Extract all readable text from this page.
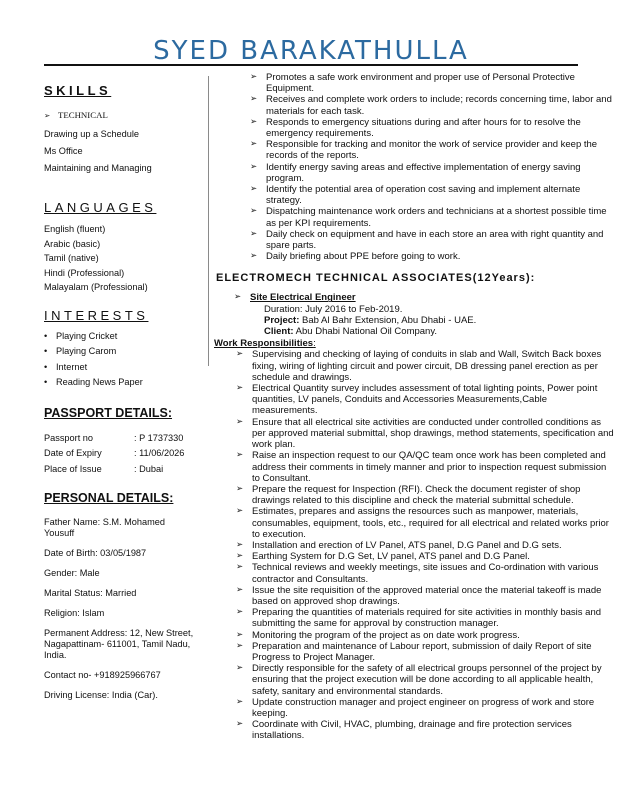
SYED BARAKATHULLA
SKILLS
➢ TECHNICAL
Drawing up a Schedule
Ms Office
Maintaining and Managing
LANGUAGES
English (fluent)
Arabic (basic)
Tamil (native)
Hindi (Professional)
Malayalam (Professional)
INTERESTS
• Playing Cricket
• Playing Carom
• Internet
• Reading News Paper
PASSPORT DETAILS:
Passport no	: P 1737330
Date of Expiry	: 11/06/2026
Place of Issue	: Dubai
PERSONAL DETAILS:
Father Name: S.M. Mohamed Yousuff
Date of Birth: 03/05/1987
Gender: Male
Marital Status: Married
Religion: Islam
Permanent Address: 12, New Street, Nagapattinam- 611001, Tamil Nadu, India.
Contact no- +918925966767
Driving License: India (Car).
➢ Promotes a safe work environment and proper use of Personal Protective Equipment.
➢ Receives and complete work orders to include; records concerning time, labor and materials for each task.
➢ Responds to emergency situations during and after hours for to resolve the emergency requirements.
➢ Responsible for tracking and monitor the work of service provider and keep the records of the reports.
➢ Identify energy saving areas and effective implementation of energy saving program.
➢ Identify the potential area of operation cost saving and implement alternate strategy.
➢ Dispatching maintenance work orders and technicians at a shortest possible time as per KPI requirements.
➢ Daily check on equipment and have in each store an area with right quantity and spare parts.
➢ Daily briefing about PPE before going to work.
ELECTROMECH TECHNICAL ASSOCIATES(12Years):
➢ Site Electrical Engineer
Duration: July 2016 to Feb-2019.
Project: Bab Al Bahr Extension, Abu Dhabi - UAE.
Client: Abu Dhabi National Oil Company.
Work Responsibilities:
➢ Supervising and checking of laying of conduits in slab and Wall, Switch Back boxes fixing, wiring of lighting circuit and power circuit, DB dressing panel erection as per schedule and drawings.
➢ Electrical Quantity survey includes assessment of total lighting points, Power point quantities, LV panels, Conduits and Accessories Measurements,Cable measurements.
➢ Ensure that all electrical site activities are conducted under controlled conditions as per approved material submittal, shop drawings, method statements, specification and work plan.
➢ Raise an inspection request to our QA/QC team once work has been completed and address their comments in timely manner and prior to inspection request submission to Consultant.
➢ Prepare the request for Inspection (RFI). Check the document register of shop drawings related to this discipline and check the material submittal schedule.
➢ Estimates, prepares and assigns the resources such as manpower, materials, consumables, equipment, tools, etc., required for all electrical and related works prior to execution.
➢ Installation and erection of LV Panel, ATS panel, D.G Panel and D.G sets.
➢ Earthing System for D.G Set, LV panel, ATS panel and D.G Panel.
➢ Technical reviews and weekly meetings, site issues and Co-ordination with various contractor and Consultants.
➢ Issue the site requisition of the approved material once the material takeoff is made based on approved shop drawings.
➢ Preparing the quantities of materials required for site activities in monthly basis and submitting the same for approval by construction manager.
➢ Monitoring the program of the project as on date work progress.
➢ Preparation and maintenance of Labour report, submission of daily Report of site Progress to Project Manager.
➢ Directly responsible for the safety of all electrical groups personnel of the project by ensuring that the project execution will be done according to all applicable health, safety, sanitary and environmental standards.
➢ Update construction manager and project engineer on progress of work and store keeping.
➢ Coordinate with Civil, HVAC, plumbing, drainage and fire protection services installations.
